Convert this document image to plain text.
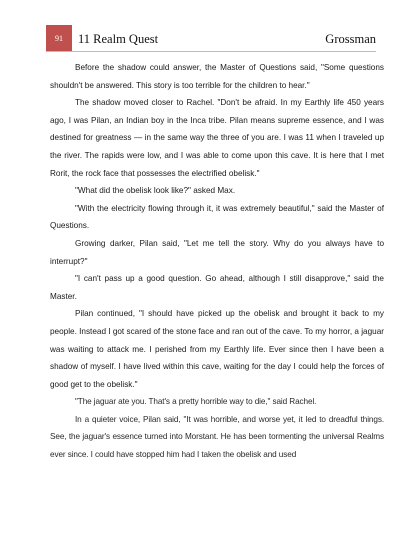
91 11 Realm Quest	Grossman

Before the shadow could answer, the Master of Questions said, "Some questions shouldn't be answered. This story is too terrible for the children to hear."

The shadow moved closer to Rachel. "Don't be afraid. In my Earthly life 450 years ago, I was Pilan, an Indian boy in the Inca tribe. Pilan means supreme essence, and I was destined for greatness — in the same way the three of you are. I was 11 when I traveled up the river. The rapids were low, and I was able to come upon this cave. It is here that I met Rorit, the rock face that possesses the electrified obelisk."

"What did the obelisk look like?" asked Max.

"With the electricity flowing through it, it was extremely beautiful," said the Master of Questions.

Growing darker, Pilan said, "Let me tell the story. Why do you always have to interrupt?"

"I can't pass up a good question. Go ahead, although I still disapprove," said the Master.

Pilan continued, "I should have picked up the obelisk and brought it back to my people. Instead I got scared of the stone face and ran out of the cave. To my horror, a jaguar was waiting to attack me. I perished from my Earthly life. Ever since then I have been a shadow of myself. I have lived within this cave, waiting for the day I could help the forces of good get to the obelisk."

"The jaguar ate you. That's a pretty horrible way to die," said Rachel.

In a quieter voice, Pilan said, "It was horrible, and worse yet, it led to dreadful things. See, the jaguar's essence turned into Morstant. He has been tormenting the universal Realms ever since. I could have stopped him had I taken the obelisk and used
